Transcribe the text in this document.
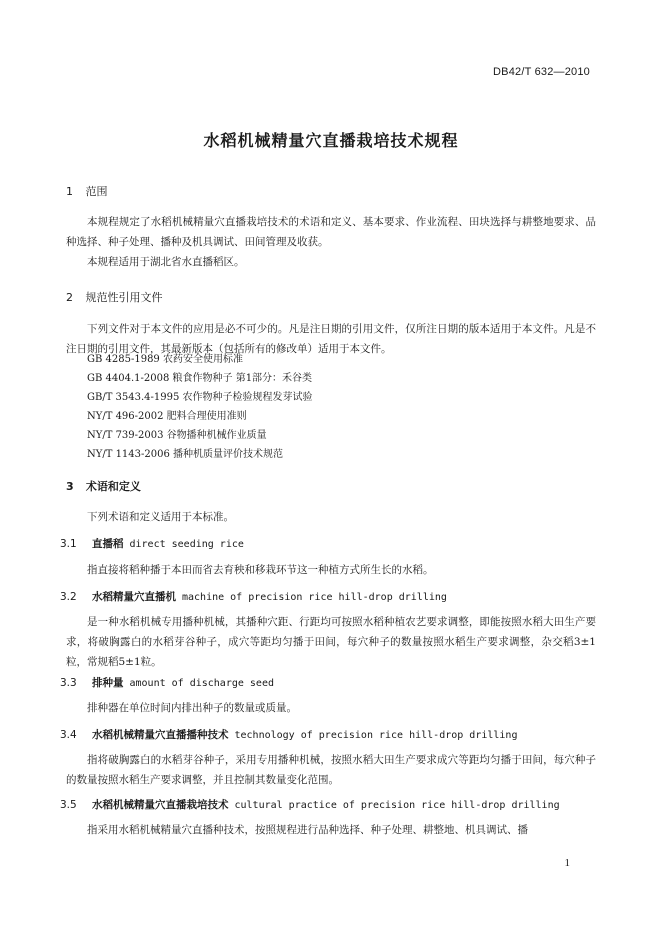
DB42/T 632—2010
水稻机械精量穴直播栽培技术规程
1 范围

本规程规定了水稻机械精量穴直播栽培技术的术语和定义、基本要求、作业流程、田块选择与耕整地要求、品种选择、种子处理、播种及机具调试、田间管理及收获。

本规程适用于湖北省水直播稻区。

2 规范性引用文件

下列文件对于本文件的应用是必不可少的。凡是注日期的引用文件，仅所注日期的版本适用于本文件。凡是不注日期的引用文件，其最新版本（包括所有的修改单）适用于本文件。

GB 4285-1989 农药安全使用标准
GB 4404.1-2008 粮食作物种子 第1部分：禾谷类
GB/T 3543.4-1995 农作物种子检验规程发芽试验
NY/T 496-2002 肥料合理使用准则
NY/T 739-2003 谷物播种机械作业质量
NY/T 1143-2006 播种机质量评价技术规范
3 术语和定义

下列术语和定义适用于本标准。

3.1 直播稻 direct seeding rice

指直接将稻种播于本田而省去育秧和移栽环节这一种植方式所生长的水稻。

3.2 水稻精量穴直播机 machine of precision rice hill-drop drilling

是一种水稻机械专用播种机械，其播种穴距、行距均可按照水稻种植农艺要求调整，即能按照水稻大田生产要求，将破胸露白的水稻芽谷种子，成穴等距均匀播于田间，每穴种子的数量按照水稻生产要求调整，杂交稻3±1粒，常规稻5±1粒。

3.3 排种量 amount of discharge seed

排种器在单位时间内排出种子的数量或质量。

3.4 水稻机械精量穴直播播种技术 technology of precision rice hill-drop drilling

指将破胸露白的水稻芽谷种子，采用专用播种机械，按照水稻大田生产要求成穴等距均匀播于田间，每穴种子的数量按照水稻生产要求调整，并且控制其数量变化范围。

3.5 水稻机械精量穴直播栽培技术 cultural practice of precision rice hill-drop drilling

指采用水稻机械精量穴直播种技术，按照规程进行品种选择、种子处理、耕整地、机具调试、播

1
